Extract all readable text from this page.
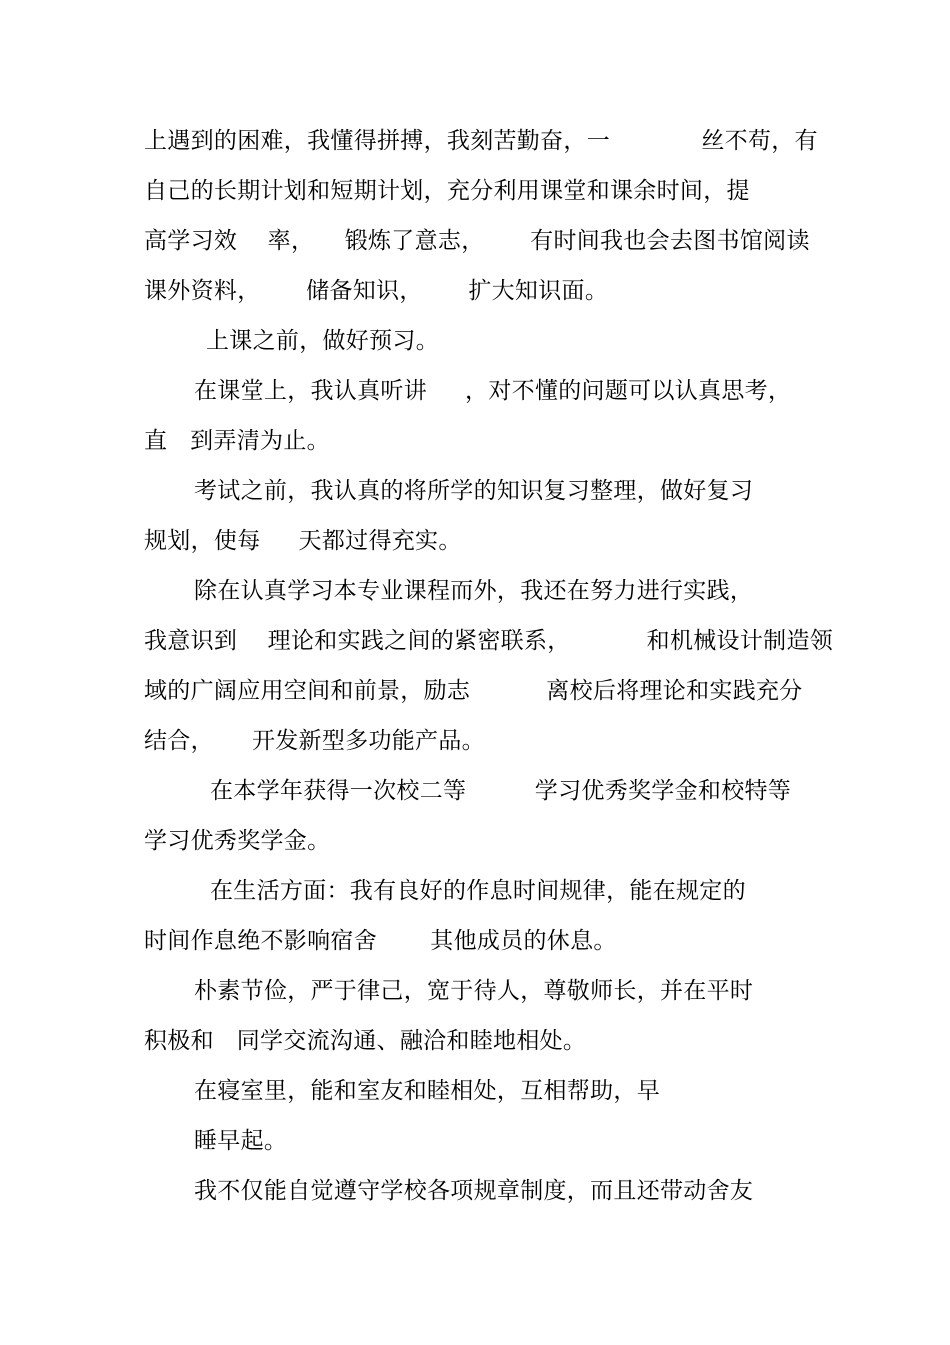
上遇到的困难，我懂得拼搏，我刻苦勤奋，一            丝不苟，有

自己的长期计划和短期计划，充分利用课堂和课余时间，提

高学习效    率，    锻炼了意志，      有时间我也会去图书馆阅读

课外资料，      储备知识，      扩大知识面。

上课之前，做好预习。

在课堂上，我认真听讲     ，对不懂的问题可以认真思考，

直   到弄清为止。

考试之前，我认真的将所学的知识复习整理，做好复习

规划，使每     天都过得充实。

除在认真学习本专业课程而外，我还在努力进行实践，

我意识到    理论和实践之间的紧密联系，          和机械设计制造领

域的广阔应用空间和前景，励志          离校后将理论和实践充分

结合，     开发新型多功能产品。

在本学年获得一次校二等         学习优秀奖学金和校特等

学习优秀奖学金。

在生活方面：我有良好的作息时间规律，能在规定的

时间作息绝不影响宿舍       其他成员的休息。

朴素节俭，严于律己，宽于待人，尊敬师长，并在平时

积极和   同学交流沟通、融洽和睦地相处。

在寝室里，能和室友和睦相处，互相帮助，早

睡早起。

我不仅能自觉遵守学校各项规章制度，而且还带动舍友
